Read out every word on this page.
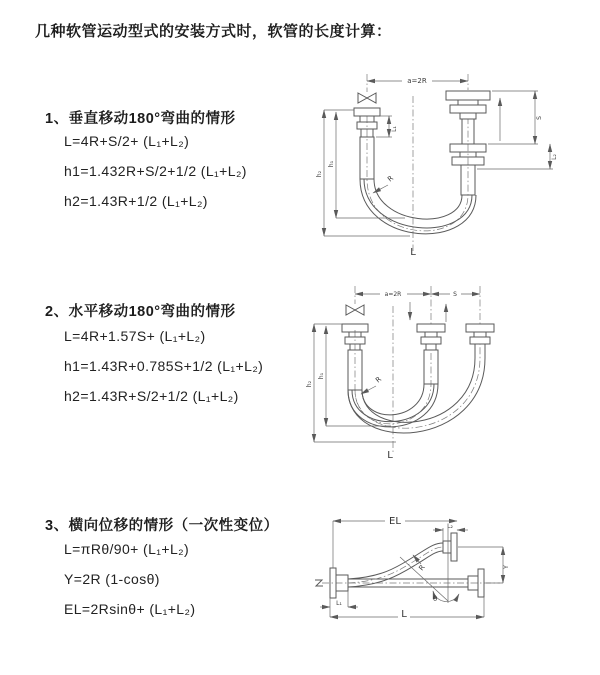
几种软管运动型式的安装方式时，软管的长度计算：
1、垂直移动180°弯曲的情形
L=4R+S/2+ (L₁+L₂)
h1=1.432R+S/2+1/2 (L₁+L₂)
h2=1.43R+1/2 (L₁+L₂)
2、水平移动180°弯曲的情形
L=4R+1.57S+ (L₁+L₂)
h1=1.43R+0.785S+1/2 (L₁+L₂)
h2=1.43R+S/2+1/2 (L₁+L₂)
3、横向位移的情形（一次性变位）
L=πRθ/90+ (L₁+L₂)
Y=2R (1-cosθ)
EL=2Rsinθ+ (L₁+L₂)
a=2R
h₂
h₁
L₁
S
L₂
R
L
a=2R	S
h₂
h₁	R
L
EL	L₂
θ
R	Y
L₁
L
